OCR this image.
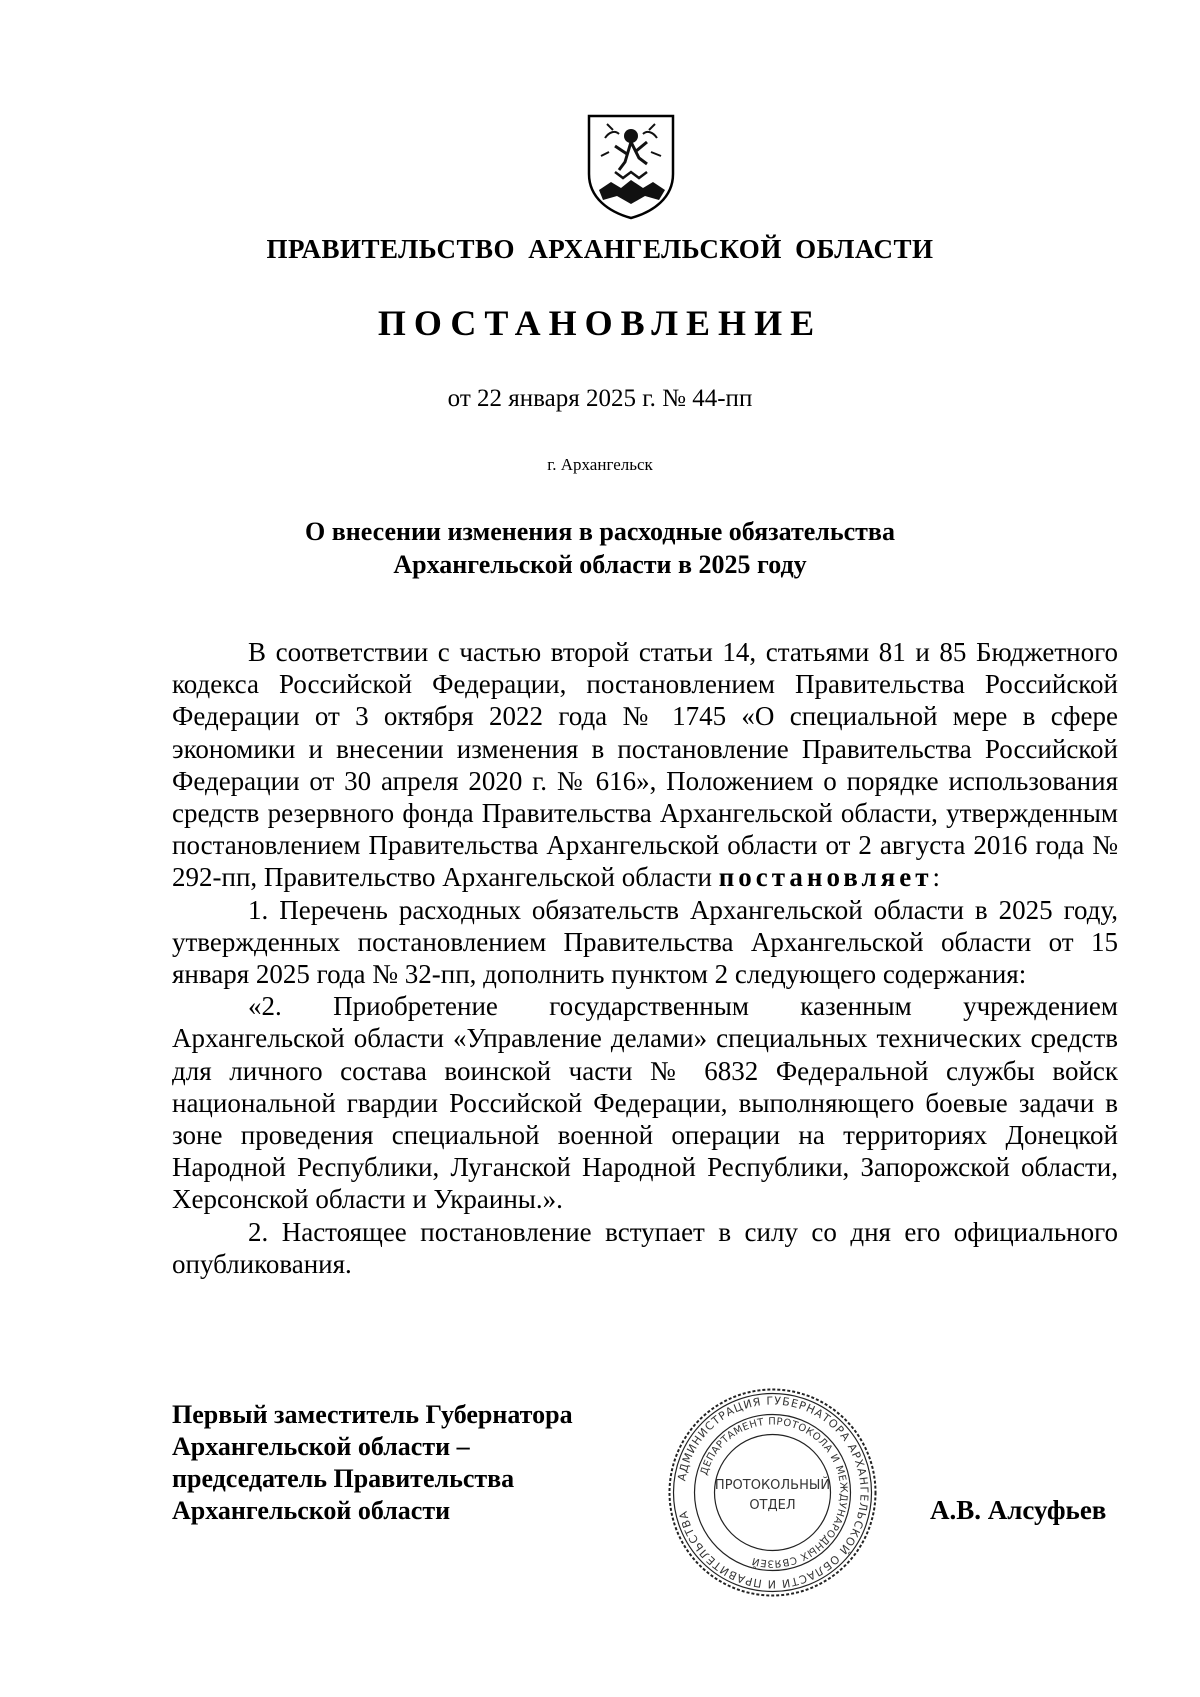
ПРАВИТЕЛЬСТВО АРХАНГЕЛЬСКОЙ ОБЛАСТИ
ПОСТАНОВЛЕНИЕ
от 22 января 2025 г. № 44-пп
г. Архангельск
О внесении изменения в расходные обязательства
Архангельской области в 2025 году

В соответствии с частью второй статьи 14, статьями 81 и 85 Бюджетного кодекса Российской Федерации, постановлением Правительства Российской Федерации от 3 октября 2022 года № 1745 «О специальной мере в сфере экономики и внесении изменения в постановление Правительства Российской Федерации от 30 апреля 2020 г. № 616», Положением о порядке использования средств резервного фонда Правительства Архангельской области, утвержденным постановлением Правительства Архангельской области от 2 августа 2016 года № 292-пп, Правительство Архангельской области постановляет:

1. Перечень расходных обязательств Архангельской области в 2025 году, утвержденных постановлением Правительства Архангельской области от 15 января 2025 года № 32-пп, дополнить пунктом 2 следующего содержания:

«2. Приобретение государственным казенным учреждением Архангельской области «Управление делами» специальных технических средств для личного состава воинской части № 6832 Федеральной службы войск национальной гвардии Российской Федерации, выполняющего боевые задачи в зоне проведения специальной военной операции на территориях Донецкой Народной Республики, Луганской Народной Республики, Запорожской области, Херсонской области и Украины.».

2. Настоящее постановление вступает в силу со дня его официального опубликования.

Первый заместитель Губернатора
Архангельской области –
председатель Правительства
Архангельской области
АДМИНИСТРАЦИЯ ГУБЕРНАТОРА АРХАНГЕЛЬСКОЙ ОБЛАСТИ И ПРАВИТЕЛЬСТВА
ДЕПАРТАМЕНТ ПРОТОКОЛА И МЕЖДУНАРОДНЫХ СВЯЗЕЙ
ПРОТОКОЛЬНЫЙ
ОТДЕЛ	А.В. Алсуфьев
